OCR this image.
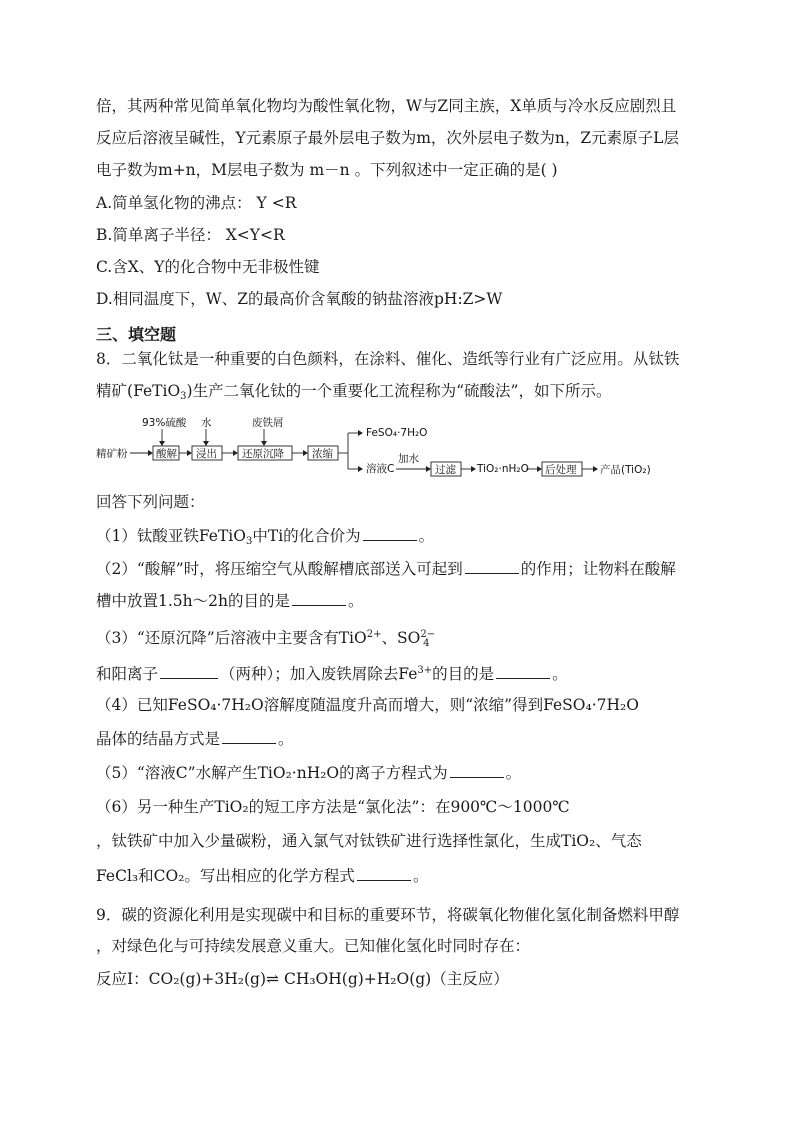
倍，其两种常见简单氧化物均为酸性氧化物，W与Z同主族，X单质与冷水反应剧烈且
反应后溶液呈碱性，Y元素原子最外层电子数为m，次外层电子数为n，Z元素原子L层
电子数为m+n，M层电子数为 m－n 。下列叙述中一定正确的是( )
A.简单氢化物的沸点： Y <R
B.简单离子半径： X<Y<R
C.含X、Y的化合物中无非极性键
D.相同温度下，W、Z的最高价含氧酸的钠盐溶液pH:Z>W
三、填空题
8．二氧化钛是一种重要的白色颜料，在涂料、催化、造纸等行业有广泛应用。从钛铁
精矿(FeTiO$_3$)生产二氧化钛的一个重要化工流程称为“硫酸法”，如下所示。
精矿粉
93%硫酸
酸解
水
浸出
废铁屑
还原沉降	浓缩
FeSO₄·7H₂O
溶液C
加水
过滤 TiO₂·nH₂O 后处理 产品(TiO₂)
回答下列问题：
（1）钛酸亚铁FeTiO$_3$中Ti的化合价为	。
（2）“酸解”时，将压缩空气从酸解槽底部送入可起到	的作用；让物料在酸解
槽中放置1.5h～2h的目的是	。
（3）“还原沉降”后溶液中主要含有TiO$^{2+}$、$SO^{2-}_4$
和阳离子	（两种）；加入废铁屑除去$Fe^{3+}$的目的是	。
（4）已知FeSO₄·7H₂O溶解度随温度升高而增大，则“浓缩”得到FeSO₄·7H₂O
晶体的结晶方式是	。
（5）“溶液C”水解产生TiO₂·nH₂O的离子方程式为	。
（6）另一种生产TiO₂的短工序方法是“氯化法”：在900℃～1000℃
，钛铁矿中加入少量碳粉，通入氯气对钛铁矿进行选择性氯化，生成TiO₂、气态
FeCl₃和CO₂。写出相应的化学方程式	。
9．碳的资源化利用是实现碳中和目标的重要环节，将碳氧化物催化氢化制备燃料甲醇
，对绿色化与可持续发展意义重大。已知催化氢化时同时存在：
反应Ⅰ：CO₂(g)+3H₂(g)⇌ CH₃OH(g)+H₂O(g)（主反应）
